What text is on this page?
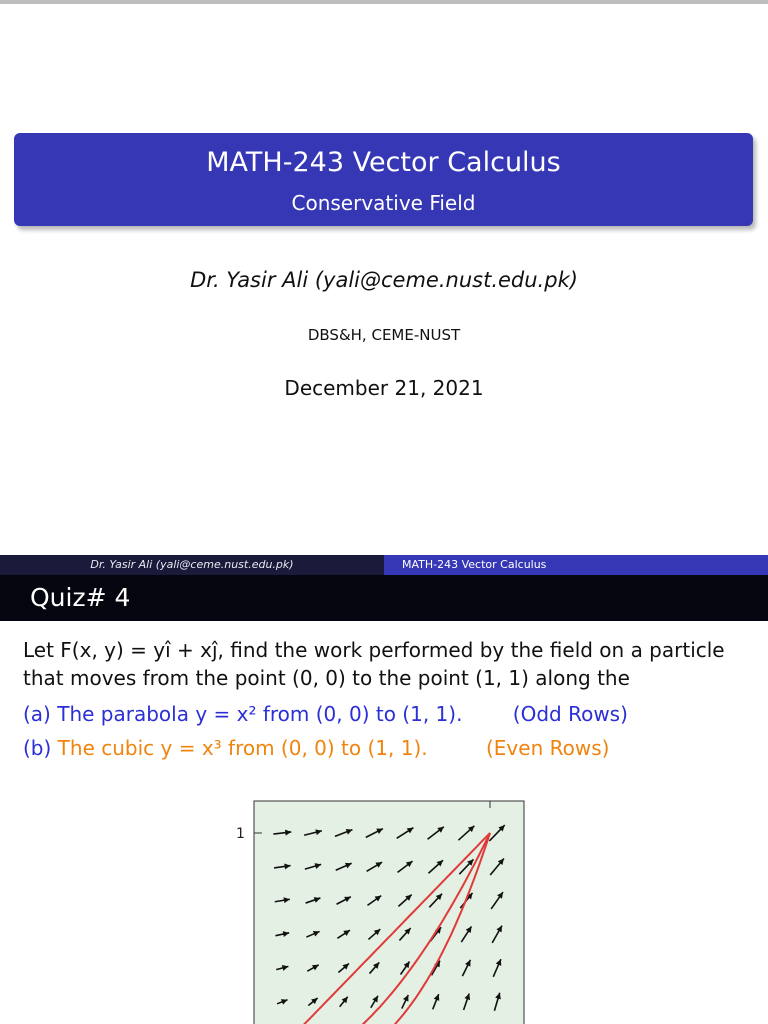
MATH-243 Vector Calculus
Conservative Field
Dr. Yasir Ali (yali@ceme.nust.edu.pk)
DBS&H, CEME-NUST
December 21, 2021
Dr. Yasir Ali (yali@ceme.nust.edu.pk)	MATH-243 Vector Calculus
Quiz# 4
Let F(x, y) = yî + xĵ, find the work performed by the field on a particle that moves from the point (0, 0) to the point (1, 1) along the
(a) The parabola y = x² from (0, 0) to (1, 1).	(Odd Rows)
(b) The cubic y = x³ from (0, 0) to (1, 1).	(Even Rows)
1
